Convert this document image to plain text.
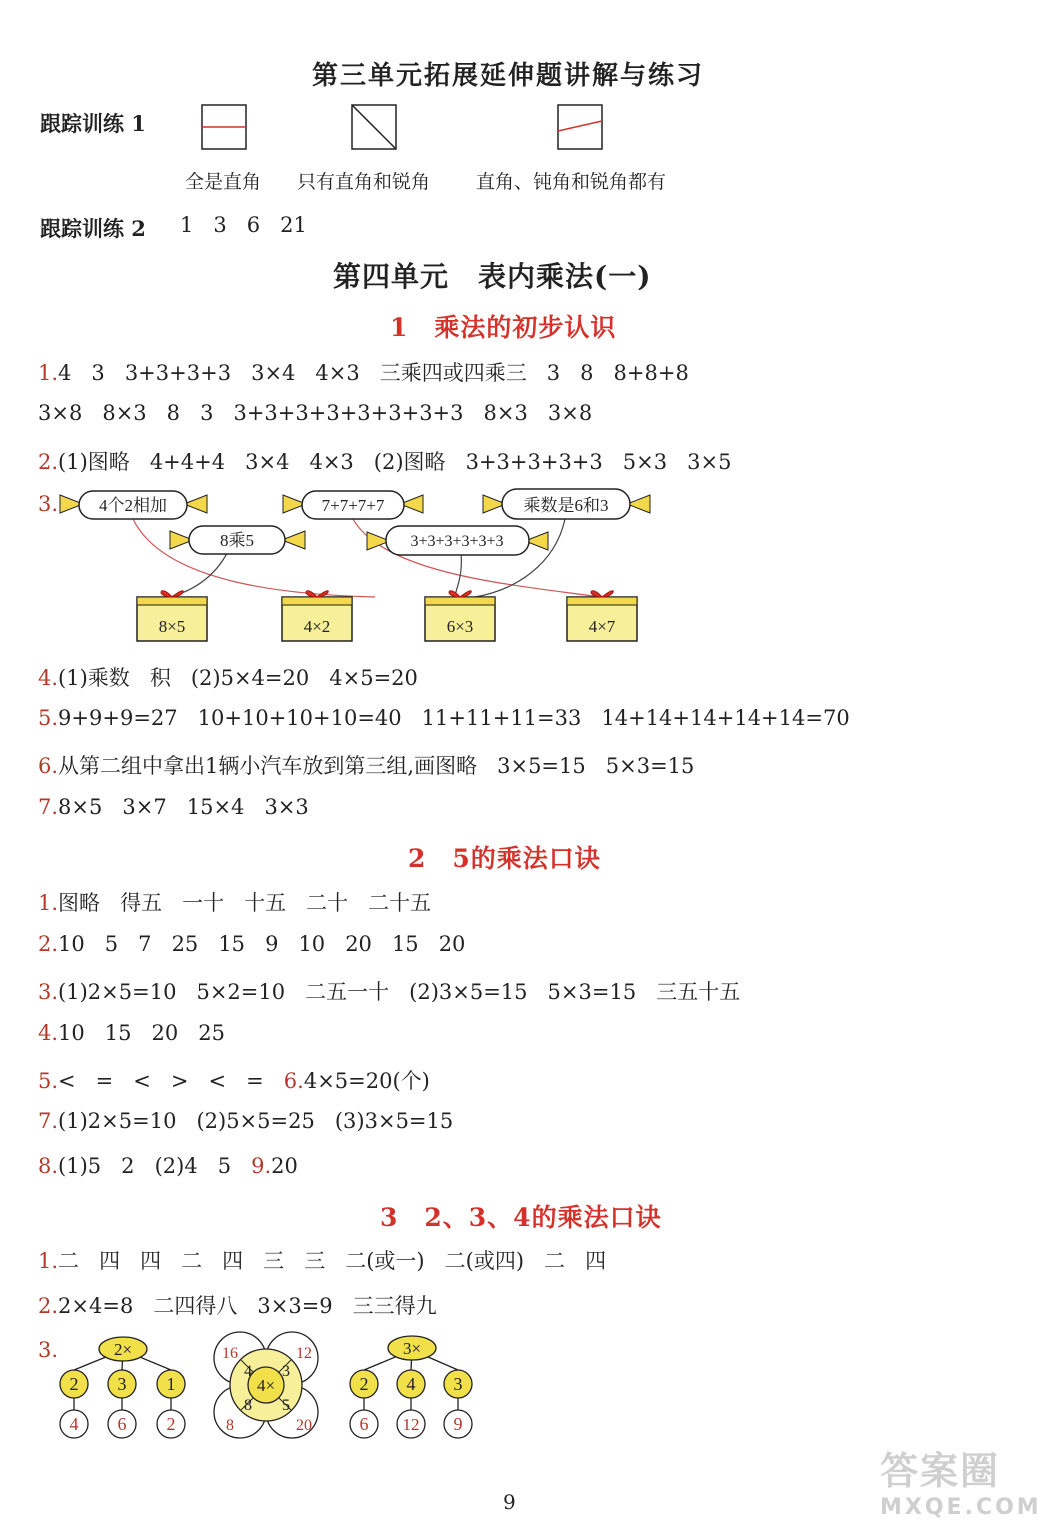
第三单元拓展延伸题讲解与练习
跟踪训练 1
全是直角 只有直角和锐角 直角、钝角和锐角都有
跟踪训练 2 1   3   6   21
第四单元　表内乘法(一)
1　乘法的初步认识
1.4   3   3+3+3+3   3×4   4×3   三乘四或四乘三   3   8   8+8+8
3×8   8×3   8   3   3+3+3+3+3+3+3+3   8×3   3×8
2.(1)图略   4+4+4   3×4   4×3   (2)图略   3+3+3+3+3   5×3   3×5
3. 4个2相加	7+7+7+7	乘数是6和3
8乘5	3+3+3+3+3+3
8×5	4×2	6×3	4×7
4.(1)乘数   积   (2)5×4=20   4×5=20
5.9+9+9=27   10+10+10+10=40   11+11+11=33   14+14+14+14+14=70
6.从第二组中拿出1辆小汽车放到第三组,画图略   3×5=15   5×3=15
7.8×5   3×7   15×4   3×3
2　5的乘法口诀
1.图略   得五   一十   十五   二十   二十五
2.10   5   7   25   15   9   10   20   15   20
3.(1)2×5=10   5×2=10   二五一十   (2)3×5=15   5×3=15   三五十五
4.10   15   20   25
5.<   =   <   >   <   = 6.4×5=20(个)
7.(1)2×5=10   (2)5×5=25   (3)3×5=15
8.(1)5   2   (2)4   5 9.20
3　2、3、4的乘法口诀
1.二   四   四   二   四   三   三   二(或一)   二(或四)   二   四
2.2×4=8   二四得八   3×3=9   三三得九
3.	2×
2 3 1
4 6 2
4×
4 3
8 5
16	12
8	20
3×
2 4 3
6 12 9
9
答案圈
MXQE.COM
